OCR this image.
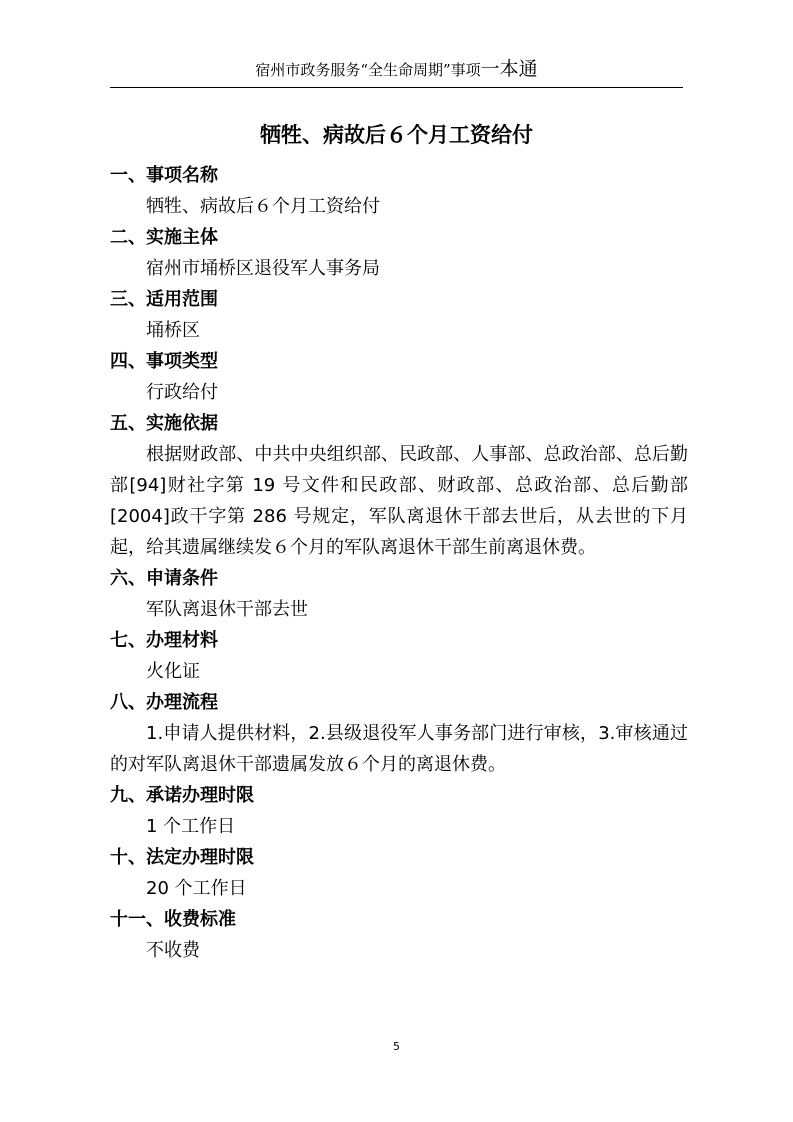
宿州市政务服务“全生命周期”事项一本通
牺牲、病故后６个月工资给付

一、事项名称

牺牲、病故后６个月工资给付

二、实施主体

宿州市埇桥区退役军人事务局

三、适用范围

埇桥区

四、事项类型

行政给付

五、实施依据

根据财政部、中共中央组织部、民政部、人事部、总政治部、总后勤部[94]财社字第 19 号文件和民政部、财政部、总政治部、总后勤部[2004]政干字第 286 号规定，军队离退休干部去世后，从去世的下月起，给其遗属继续发６个月的军队离退休干部生前离退休费。

六、申请条件

军队离退休干部去世

七、办理材料

火化证

八、办理流程

1.申请人提供材料，2.县级退役军人事务部门进行审核，3.审核通过的对军队离退休干部遗属发放６个月的离退休费。

九、承诺办理时限

1 个工作日

十、法定办理时限

20 个工作日

十一、收费标准

不收费

5
